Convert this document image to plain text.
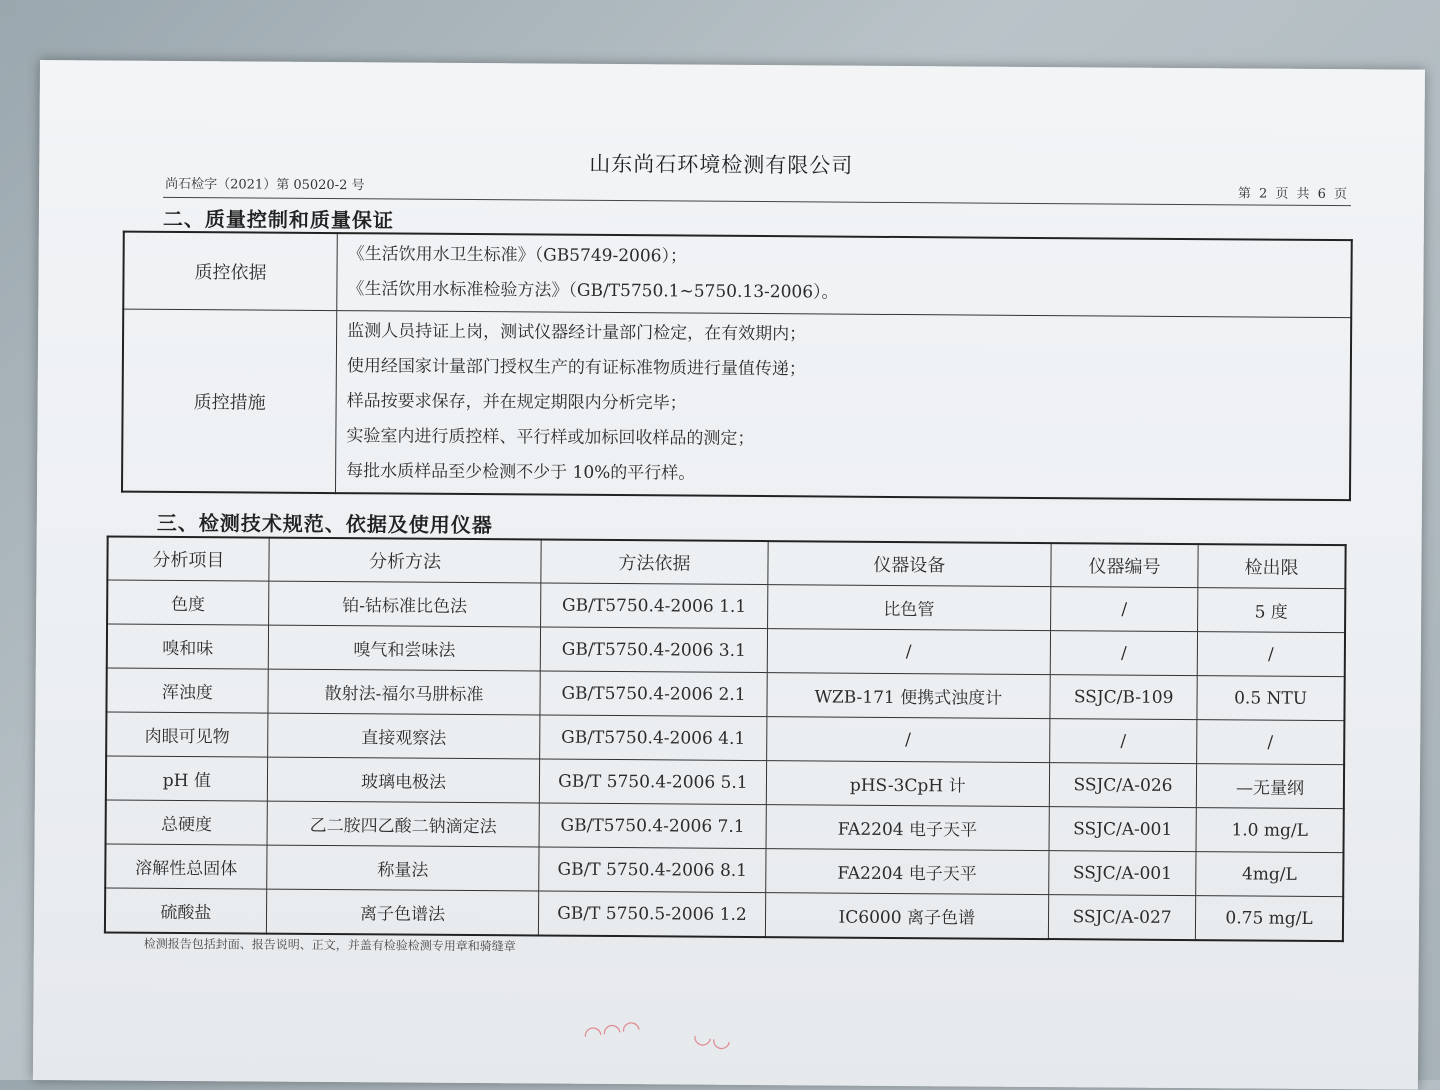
山东尚石环境检测有限公司
尚石检字（2021）第 05020-2 号
第 2 页 共 6 页
二、质量控制和质量保证
质控依据	《生活饮用水卫生标准》（GB5749-2006）；
《生活饮用水标准检验方法》（GB/T5750.1~5750.13-2006）。

质控措施	监测人员持证上岗，测试仪器经计量部门检定，在有效期内；
使用经国家计量部门授权生产的有证标准物质进行量值传递；
样品按要求保存，并在规定期限内分析完毕；
实验室内进行质控样、平行样或加标回收样品的测定；
每批水质样品至少检测不少于 10%的平行样。
三、检测技术规范、依据及使用仪器
分析项目	分析方法	方法依据	仪器设备	仪器编号	检出限
色度	铂-钴标准比色法	GB/T5750.4-2006 1.1	比色管	/	5 度
嗅和味	嗅气和尝味法	GB/T5750.4-2006 3.1	/	/	/
浑浊度	散射法-福尔马肼标准	GB/T5750.4-2006 2.1	WZB-171 便携式浊度计	SSJC/B-109	0.5 NTU
肉眼可见物	直接观察法	GB/T5750.4-2006 4.1	/	/	/
pH 值	玻璃电极法	GB/T 5750.4-2006 5.1	pHS-3CpH 计	SSJC/A-026	—无量纲
总硬度	乙二胺四乙酸二钠滴定法	GB/T5750.4-2006 7.1	FA2204 电子天平	SSJC/A-001	1.0 mg/L
溶解性总固体	称量法	GB/T 5750.4-2006 8.1	FA2204 电子天平	SSJC/A-001	4mg/L
硫酸盐	离子色谱法	GB/T 5750.5-2006 1.2	IC6000 离子色谱	SSJC/A-027	0.75 mg/L
检测报告包括封面、报告说明、正文，并盖有检验检测专用章和骑缝章
◠◠◠ ◡◡
